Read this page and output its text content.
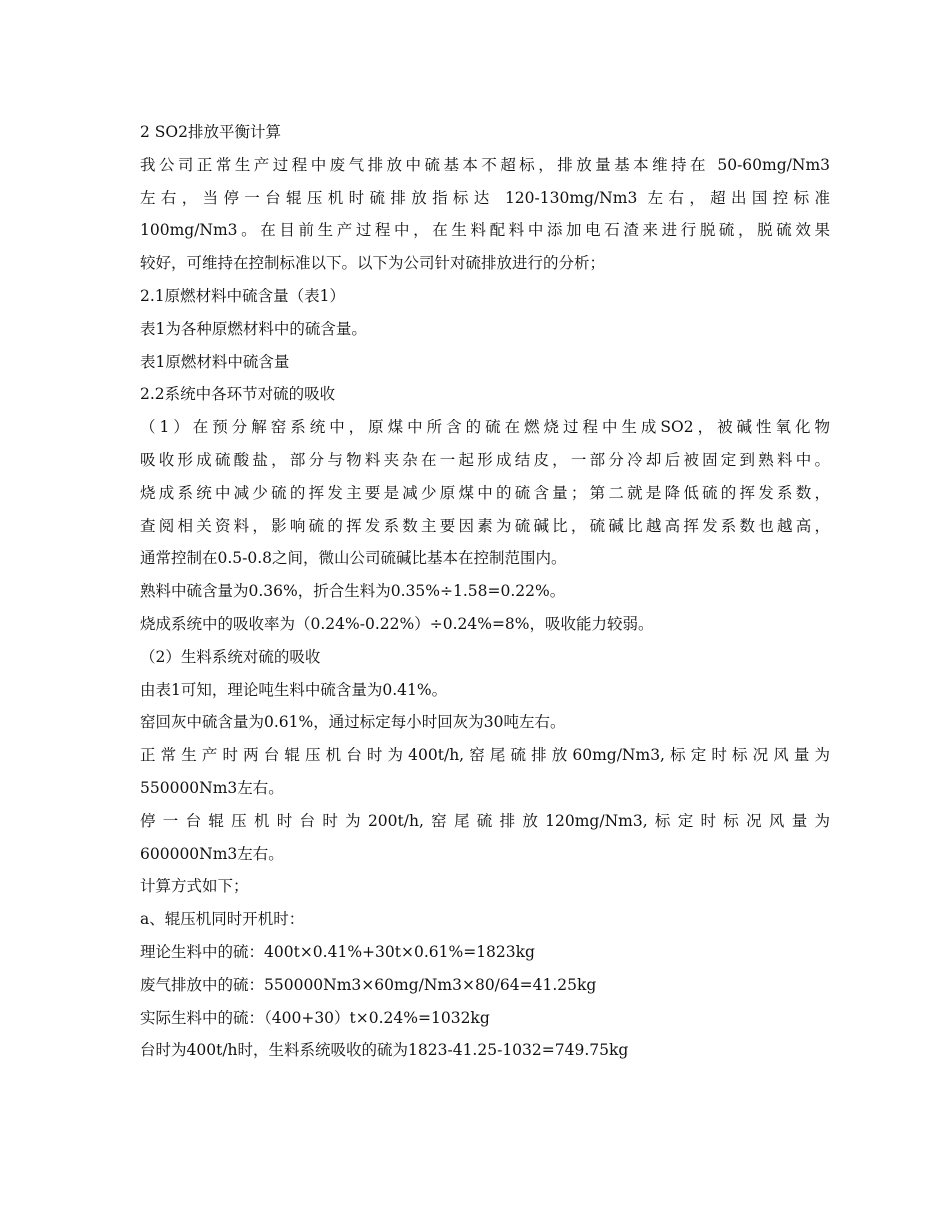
2 SO2排放平衡计算
我公司正常生产过程中废气排放中硫基本不超标，排放量基本维持在 50-60mg/Nm3
左右，当停一台辊压机时硫排放指标达 120-130mg/Nm3 左右，超出国控标准
100mg/Nm3。在目前生产过程中，在生料配料中添加电石渣来进行脱硫，脱硫效果
较好，可维持在控制标准以下。以下为公司针对硫排放进行的分析；
2.1原燃材料中硫含量（表1）
表1为各种原燃材料中的硫含量。
表1原燃材料中硫含量
2.2系统中各环节对硫的吸收
（1）在预分解窑系统中，原煤中所含的硫在燃烧过程中生成SO2，被碱性氧化物
吸收形成硫酸盐，部分与物料夹杂在一起形成结皮，一部分冷却后被固定到熟料中。
烧成系统中减少硫的挥发主要是减少原煤中的硫含量；第二就是降低硫的挥发系数，
查阅相关资料，影响硫的挥发系数主要因素为硫碱比，硫碱比越高挥发系数也越高，
通常控制在0.5-0.8之间，微山公司硫碱比基本在控制范围内。
熟料中硫含量为0.36%，折合生料为0.35%÷1.58=0.22%。
烧成系统中的吸收率为（0.24%-0.22%）÷0.24%=8%，吸收能力较弱。
（2）生料系统对硫的吸收
由表1可知，理论吨生料中硫含量为0.41%。
窑回灰中硫含量为0.61%，通过标定每小时回灰为30吨左右。
正常生产时两台辊压机台时为400t/h,窑尾硫排放60mg/Nm3,标定时标况风量为
550000Nm3左右。
停一台辊压机时台时为200t/h,窑尾硫排放120mg/Nm3,标定时标况风量为
600000Nm3左右。
计算方式如下；
a、辊压机同时开机时：
理论生料中的硫：400t×0.41%+30t×0.61%=1823kg
废气排放中的硫：550000Nm3×60mg/Nm3×80/64=41.25kg
实际生料中的硫：（400+30）t×0.24%=1032kg
台时为400t/h时，生料系统吸收的硫为1823-41.25-1032=749.75kg
